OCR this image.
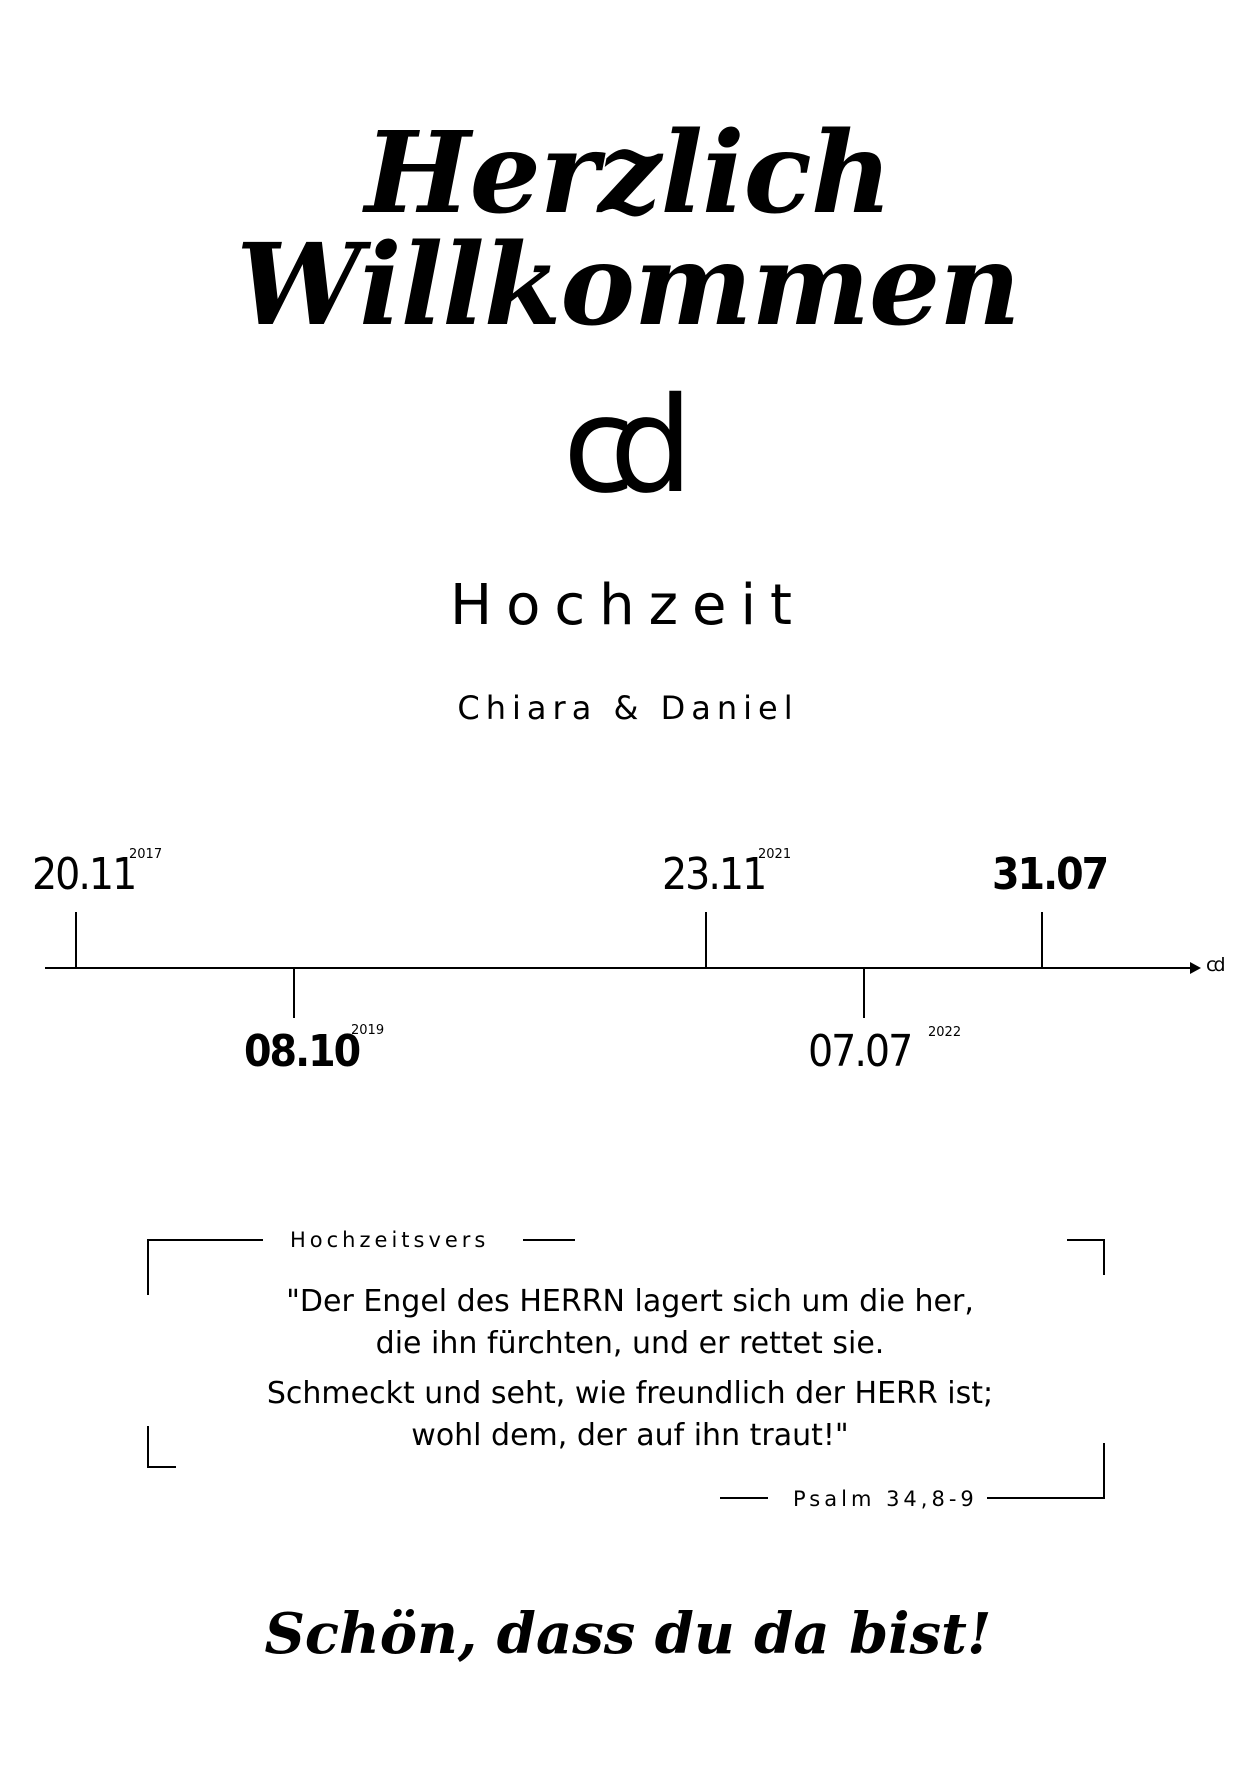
Herzlich Willkommen
cd
Hochzeit
Chiara & Daniel
cd
20.11
2017
08.10
2019
23.11
2021
07.07 2022
31.07
Hochzeitsvers
"Der Engel des HERRN lagert sich um die her,
die ihn fürchten, und er rettet sie.
Schmeckt und seht, wie freundlich der HERR ist;
wohl dem, der auf ihn traut!"
Psalm 34,8-9
Schön, dass du da bist!
